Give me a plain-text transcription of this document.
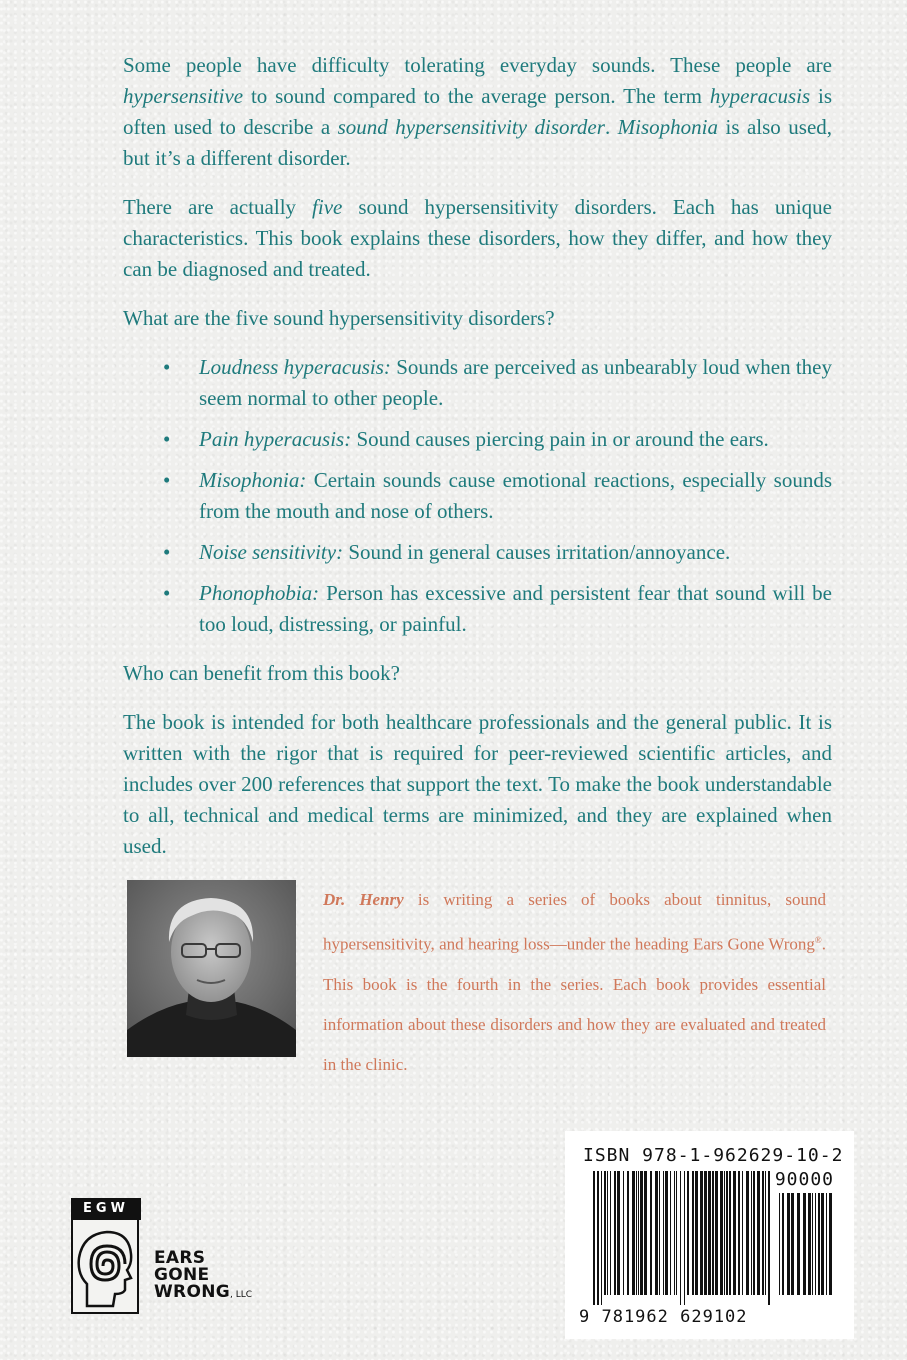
Some people have difficulty tolerating everyday sounds. These people are hypersensitive to sound compared to the average person. The term hyperacusis is often used to describe a sound hypersensitivity disorder. Misophonia is also used, but it’s a different disorder.

There are actually five sound hypersensitivity disorders. Each has unique characteristics. This book explains these disorders, how they differ, and how they can be diagnosed and treated.

What are the five sound hypersensitivity disorders?

• Loudness hyperacusis: Sounds are perceived as unbearably loud when they seem normal to other people.
• Pain hyperacusis: Sound causes piercing pain in or around the ears.
• Misophonia: Certain sounds cause emotional reactions, especially sounds from the mouth and nose of others.
• Noise sensitivity: Sound in general causes irritation/annoyance.
• Phonophobia: Person has excessive and persistent fear that sound will be too loud, distressing, or painful.

Who can benefit from this book?

The book is intended for both healthcare professionals and the general public. It is written with the rigor that is required for peer-reviewed scientific articles, and includes over 200 references that support the text. To make the book understandable to all, technical and medical terms are minimized, and they are explained when used.

Dr. Henry is writing a series of books about tinnitus, sound hypersensitivity, and hearing loss—under the heading Ears Gone Wrong®. This book is the fourth in the series. Each book provides essential information about these disorders and how they are evaluated and treated in the clinic.
EGW
EARS
GONE
WRONG, LLC
ISBN 978-1-962629-10-2
90000
9 781962 629102
